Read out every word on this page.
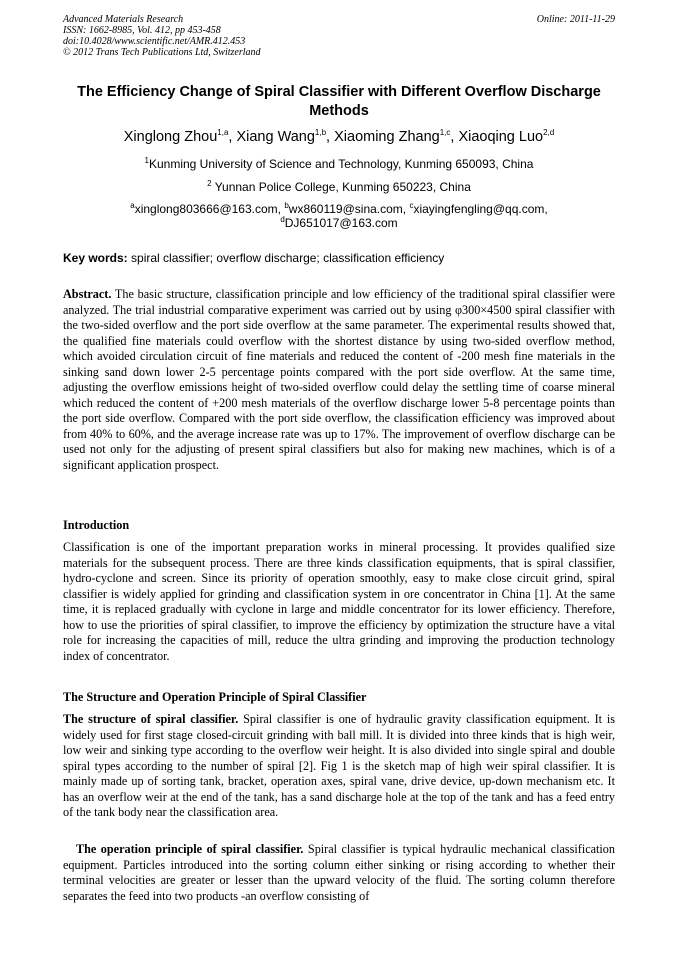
Advanced Materials Research
ISSN: 1662-8985, Vol. 412, pp 453-458
doi:10.4028/www.scientific.net/AMR.412.453
© 2012 Trans Tech Publications Ltd, Switzerland
Online: 2011-11-29
The Efficiency Change of Spiral Classifier with Different Overflow Discharge Methods
Xinglong Zhou$^{1,a}$, Xiang Wang$^{1,b}$, Xiaoming Zhang$^{1,c}$, Xiaoqing Luo$^{2,d}$
$^1$Kunming University of Science and Technology, Kunming 650093, China
$^2$ Yunnan Police College, Kunming 650223, China
$^a$xinglong803666@163.com, $^b$wx860119@sina.com, $^c$xiayingfengling@qq.com,
$^d$DJ651017@163.com
Key words: spiral classifier; overflow discharge; classification efficiency
Abstract. The basic structure, classification principle and low efficiency of the traditional spiral classifier were analyzed. The trial industrial comparative experiment was carried out by using φ300×4500 spiral classifier with the two-sided overflow and the port side overflow at the same parameter. The experimental results showed that, the qualified fine materials could overflow with the shortest distance by using two-sided overflow method, which avoided circulation circuit of fine materials and reduced the content of -200 mesh fine materials in the sinking sand down lower 2-5 percentage points compared with the port side overflow. At the same time, adjusting the overflow emissions height of two-sided overflow could delay the settling time of coarse mineral which reduced the content of +200 mesh materials of the overflow discharge lower 5-8 percentage points than the port side overflow. Compared with the port side overflow, the classification efficiency was improved about from 40% to 60%, and the average increase rate was up to 17%. The improvement of overflow discharge can be used not only for the adjusting of present spiral classifiers but also for making new machines, which is of a significant application prospect.
Introduction
Classification is one of the important preparation works in mineral processing. It provides qualified size materials for the subsequent process. There are three kinds classification equipments, that is spiral classifier, hydro-cyclone and screen. Since its priority of operation smoothly, easy to make close circuit grind, spiral classifier is widely applied for grinding and classification system in ore concentrator in China [1]. At the same time, it is replaced gradually with cyclone in large and middle concentrator for its lower efficiency. Therefore, how to use the priorities of spiral classifier, to improve the efficiency by optimization the structure have a vital role for increasing the capacities of mill, reduce the ultra grinding and improving the production technology index of concentrator.
The Structure and Operation Principle of Spiral Classifier
The structure of spiral classifier. Spiral classifier is one of hydraulic gravity classification equipment. It is widely used for first stage closed-circuit grinding with ball mill. It is divided into three kinds that is high weir, low weir and sinking type according to the overflow weir height. It is also divided into single spiral and double spiral types according to the number of spiral [2]. Fig 1 is the sketch map of high weir spiral classifier. It is mainly made up of sorting tank, bracket, operation axes, spiral vane, drive device, up-down mechanism etc. It has an overflow weir at the end of the tank, has a sand discharge hole at the top of the tank and has a feed entry of the tank body near the classification area.
The operation principle of spiral classifier. Spiral classifier is typical hydraulic mechanical classification equipment. Particles introduced into the sorting column either sinking or rising according to whether their terminal velocities are greater or lesser than the upward velocity of the fluid. The sorting column therefore separates the feed into two products -an overflow consisting of
